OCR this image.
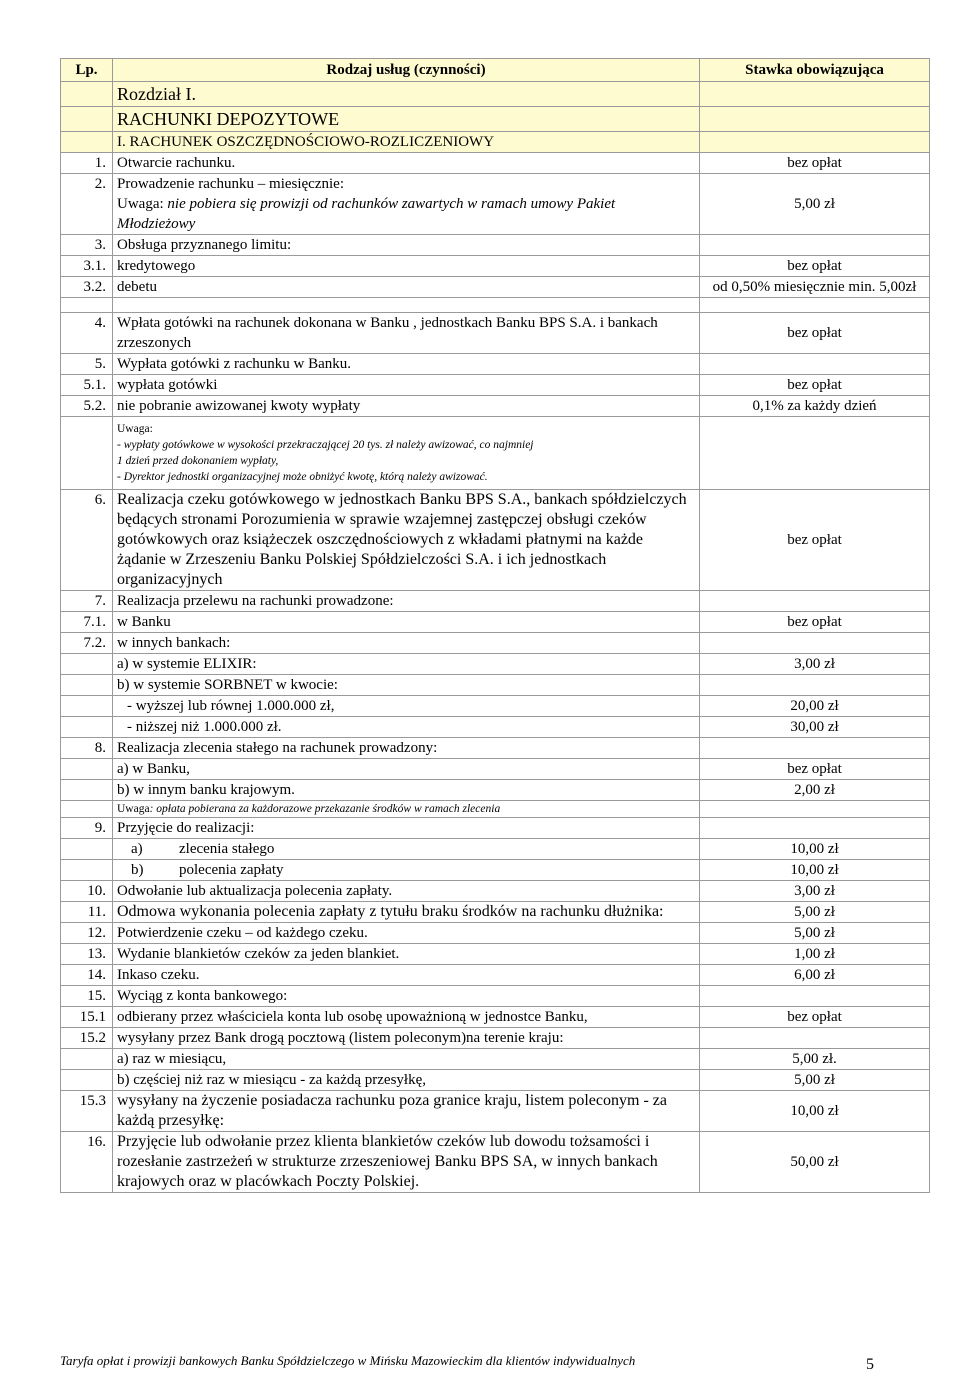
Lp.	Rodzaj usług (czynności)	Stawka obowiązująca
	Rozdział I.	
	RACHUNKI DEPOZYTOWE	
	I. RACHUNEK OSZCZĘDNOŚCIOWO-ROZLICZENIOWY	
1.	Otwarcie rachunku.	bez opłat
2.	Prowadzenie rachunku – miesięcznie:
Uwaga: nie pobiera się prowizji od rachunków zawartych w ramach umowy Pakiet Młodzieżowy	5,00 zł
3.	Obsługa przyznanego limitu:	
3.1.	kredytowego	bez opłat
3.2.	debetu	od 0,50% miesięcznie min. 5,00zł

4.	Wpłata gotówki na rachunek dokonana w Banku , jednostkach Banku BPS S.A. i bankach zrzeszonych	bez opłat
5.	Wypłata gotówki z rachunku w Banku.	
5.1.	wypłata gotówki	bez opłat
5.2.	nie pobranie awizowanej kwoty wypłaty	0,1% za każdy dzień

	Uwaga:
- wypłaty gotówkowe w wysokości przekraczającej 20 tys. zł należy awizować, co najmniej
1 dzień przed dokonaniem wypłaty,
- Dyrektor jednostki organizacyjnej może obniżyć kwotę, którą należy awizować.	

6.	Realizacja czeku gotówkowego w jednostkach Banku BPS S.A., bankach spółdzielczych będących stronami Porozumienia w sprawie wzajemnej zastępczej obsługi czeków gotówkowych oraz książeczek oszczędnościowych z wkładami płatnymi na każde żądanie w Zrzeszeniu Banku Polskiej Spółdzielczości S.A. i ich jednostkach organizacyjnych	bez opłat
7.	Realizacja przelewu na rachunki prowadzone:	
7.1.	w Banku	bez opłat
7.2.	w innych bankach:	
	a) w systemie ELIXIR:	3,00 zł
	b) w systemie SORBNET w kwocie:	
	- wyższej lub równej 1.000.000 zł,	20,00 zł
	- niższej niż 1.000.000 zł.	30,00 zł
8.	Realizacja zlecenia stałego na rachunek prowadzony:	
	a) w Banku,	bez opłat
	b) w innym banku krajowym.	2,00 zł
	Uwaga: opłata pobierana za każdorazowe przekazanie środków w ramach zlecenia	
9.	Przyjęcie do realizacji:	
	a) zlecenia stałego	10,00 zł
	b) polecenia zapłaty	10,00 zł
10.	Odwołanie lub aktualizacja polecenia zapłaty.	3,00 zł
11.	Odmowa wykonania polecenia zapłaty z tytułu braku środków na rachunku dłużnika:	5,00 zł
12.	Potwierdzenie czeku – od każdego czeku.	5,00 zł
13.	Wydanie blankietów czeków za jeden blankiet.	1,00 zł
14.	Inkaso czeku.	6,00 zł
15.	Wyciąg z konta bankowego:	
15.1	odbierany przez właściciela konta lub osobę upoważnioną w jednostce Banku,	bez opłat
15.2	wysyłany przez Bank drogą pocztową (listem poleconym)na terenie kraju:	
	a) raz w miesiącu,	5,00 zł.
	b) częściej niż raz w miesiącu - za każdą przesyłkę,	5,00 zł
15.3	wysyłany na życzenie posiadacza rachunku poza granice kraju, listem poleconym - za każdą przesyłkę:	10,00 zł
16.	Przyjęcie lub odwołanie przez klienta blankietów czeków lub dowodu tożsamości i rozesłanie zastrzeżeń w strukturze zrzeszeniowej Banku BPS SA, w innych bankach krajowych oraz w placówkach Poczty Polskiej.	50,00 zł
Taryfa opłat i prowizji bankowych Banku Spółdzielczego w Mińsku Mazowieckim dla klientów indywidualnych	5
